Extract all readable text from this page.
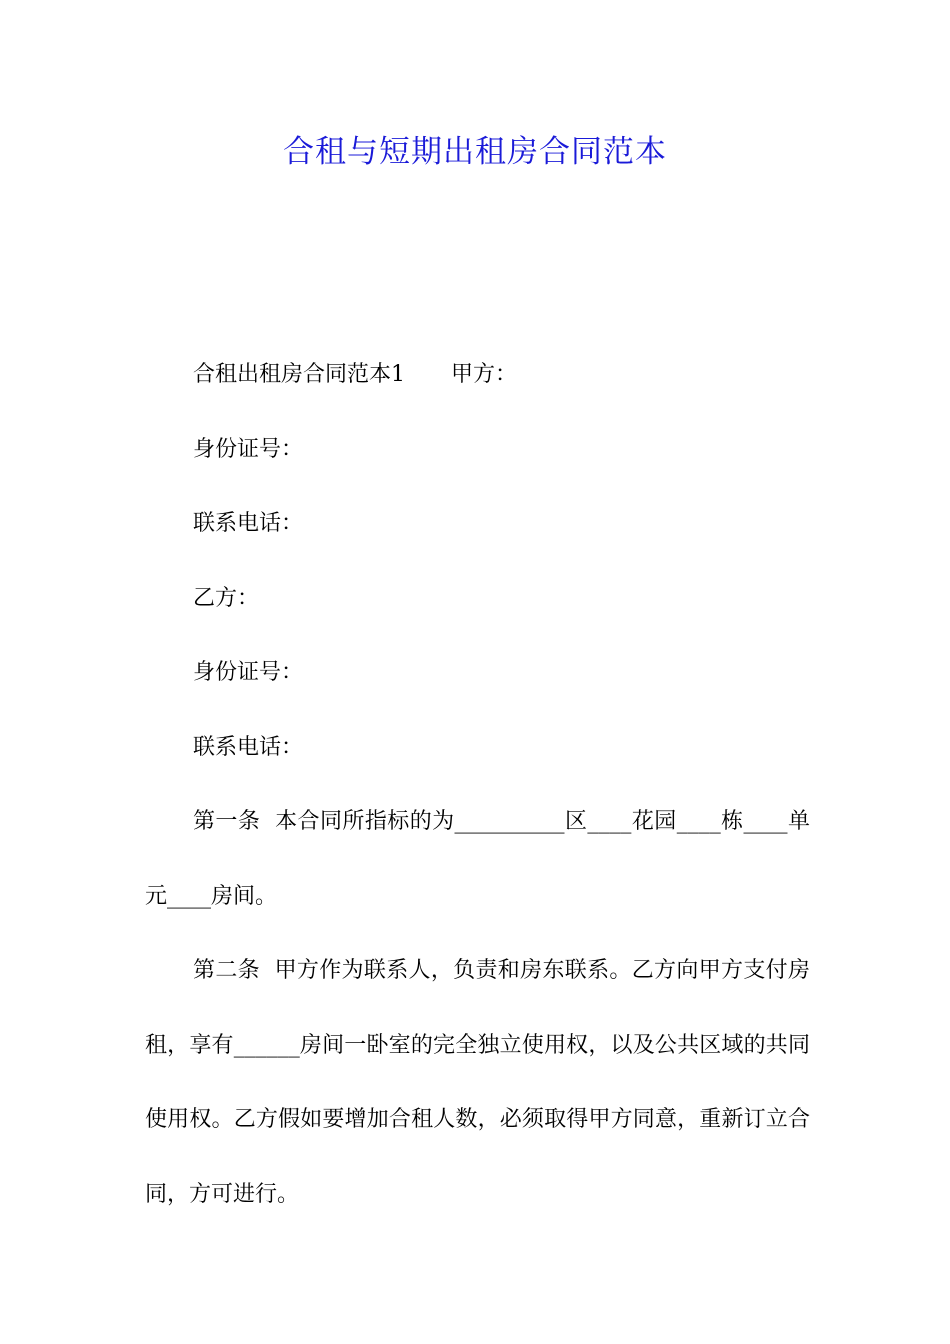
合租与短期出租房合同范本

合租出租房合同范本1 甲方：

身份证号：

联系电话：

乙方：

身份证号：

联系电话：

第一条  本合同所指标的为__________区____花园____栋____单元____房间。

第二条  甲方作为联系人，负责和房东联系。乙方向甲方支付房租，享有______房间一卧室的完全独立使用权，以及公共区域的共同使用权。乙方假如要增加合租人数，必须取得甲方同意，重新订立合同，方可进行。
